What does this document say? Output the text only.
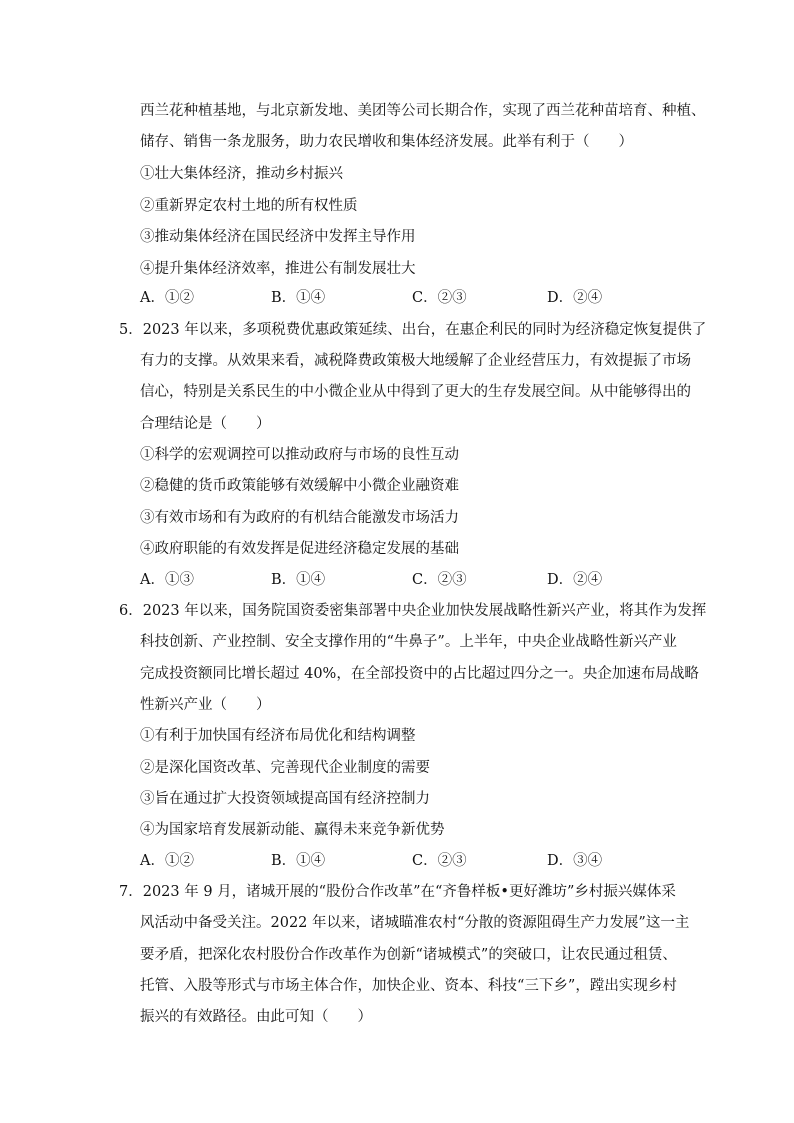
西兰花种植基地，与北京新发地、美团等公司长期合作，实现了西兰花种苗培育、种植、
储存、销售一条龙服务，助力农民增收和集体经济发展。此举有利于（　　）
①壮大集体经济，推动乡村振兴
②重新界定农村土地的所有权性质
③推动集体经济在国民经济中发挥主导作用
④提升集体经济效率，推进公有制发展壮大
A．①②	B．①④	C．②③	D．②④
5．2023 年以来，多项税费优惠政策延续、出台，在惠企利民的同时为经济稳定恢复提供了
有力的支撑。从效果来看，减税降费政策极大地缓解了企业经营压力，有效提振了市场
信心，特别是关系民生的中小微企业从中得到了更大的生存发展空间。从中能够得出的
合理结论是（　　）
①科学的宏观调控可以推动政府与市场的良性互动
②稳健的货币政策能够有效缓解中小微企业融资难
③有效市场和有为政府的有机结合能激发市场活力
④政府职能的有效发挥是促进经济稳定发展的基础
A．①③	B．①④	C．②③	D．②④
6．2023 年以来，国务院国资委密集部署中央企业加快发展战略性新兴产业，将其作为发挥
科技创新、产业控制、安全支撑作用的“牛鼻子”。上半年，中央企业战略性新兴产业
完成投资额同比增长超过 40%，在全部投资中的占比超过四分之一。央企加速布局战略
性新兴产业（　　）
①有利于加快国有经济布局优化和结构调整
②是深化国资改革、完善现代企业制度的需要
③旨在通过扩大投资领域提高国有经济控制力
④为国家培育发展新动能、赢得未来竞争新优势
A．①②	B．①④	C．②③	D．③④
7．2023 年 9 月，诸城开展的“股份合作改革”在“齐鲁样板•更好潍坊”乡村振兴媒体采
风活动中备受关注。2022 年以来，诸城瞄准农村“分散的资源阻碍生产力发展”这一主
要矛盾，把深化农村股份合作改革作为创新“诸城模式”的突破口，让农民通过租赁、
托管、入股等形式与市场主体合作，加快企业、资本、科技“三下乡”，蹚出实现乡村
振兴的有效路径。由此可知（　　）
